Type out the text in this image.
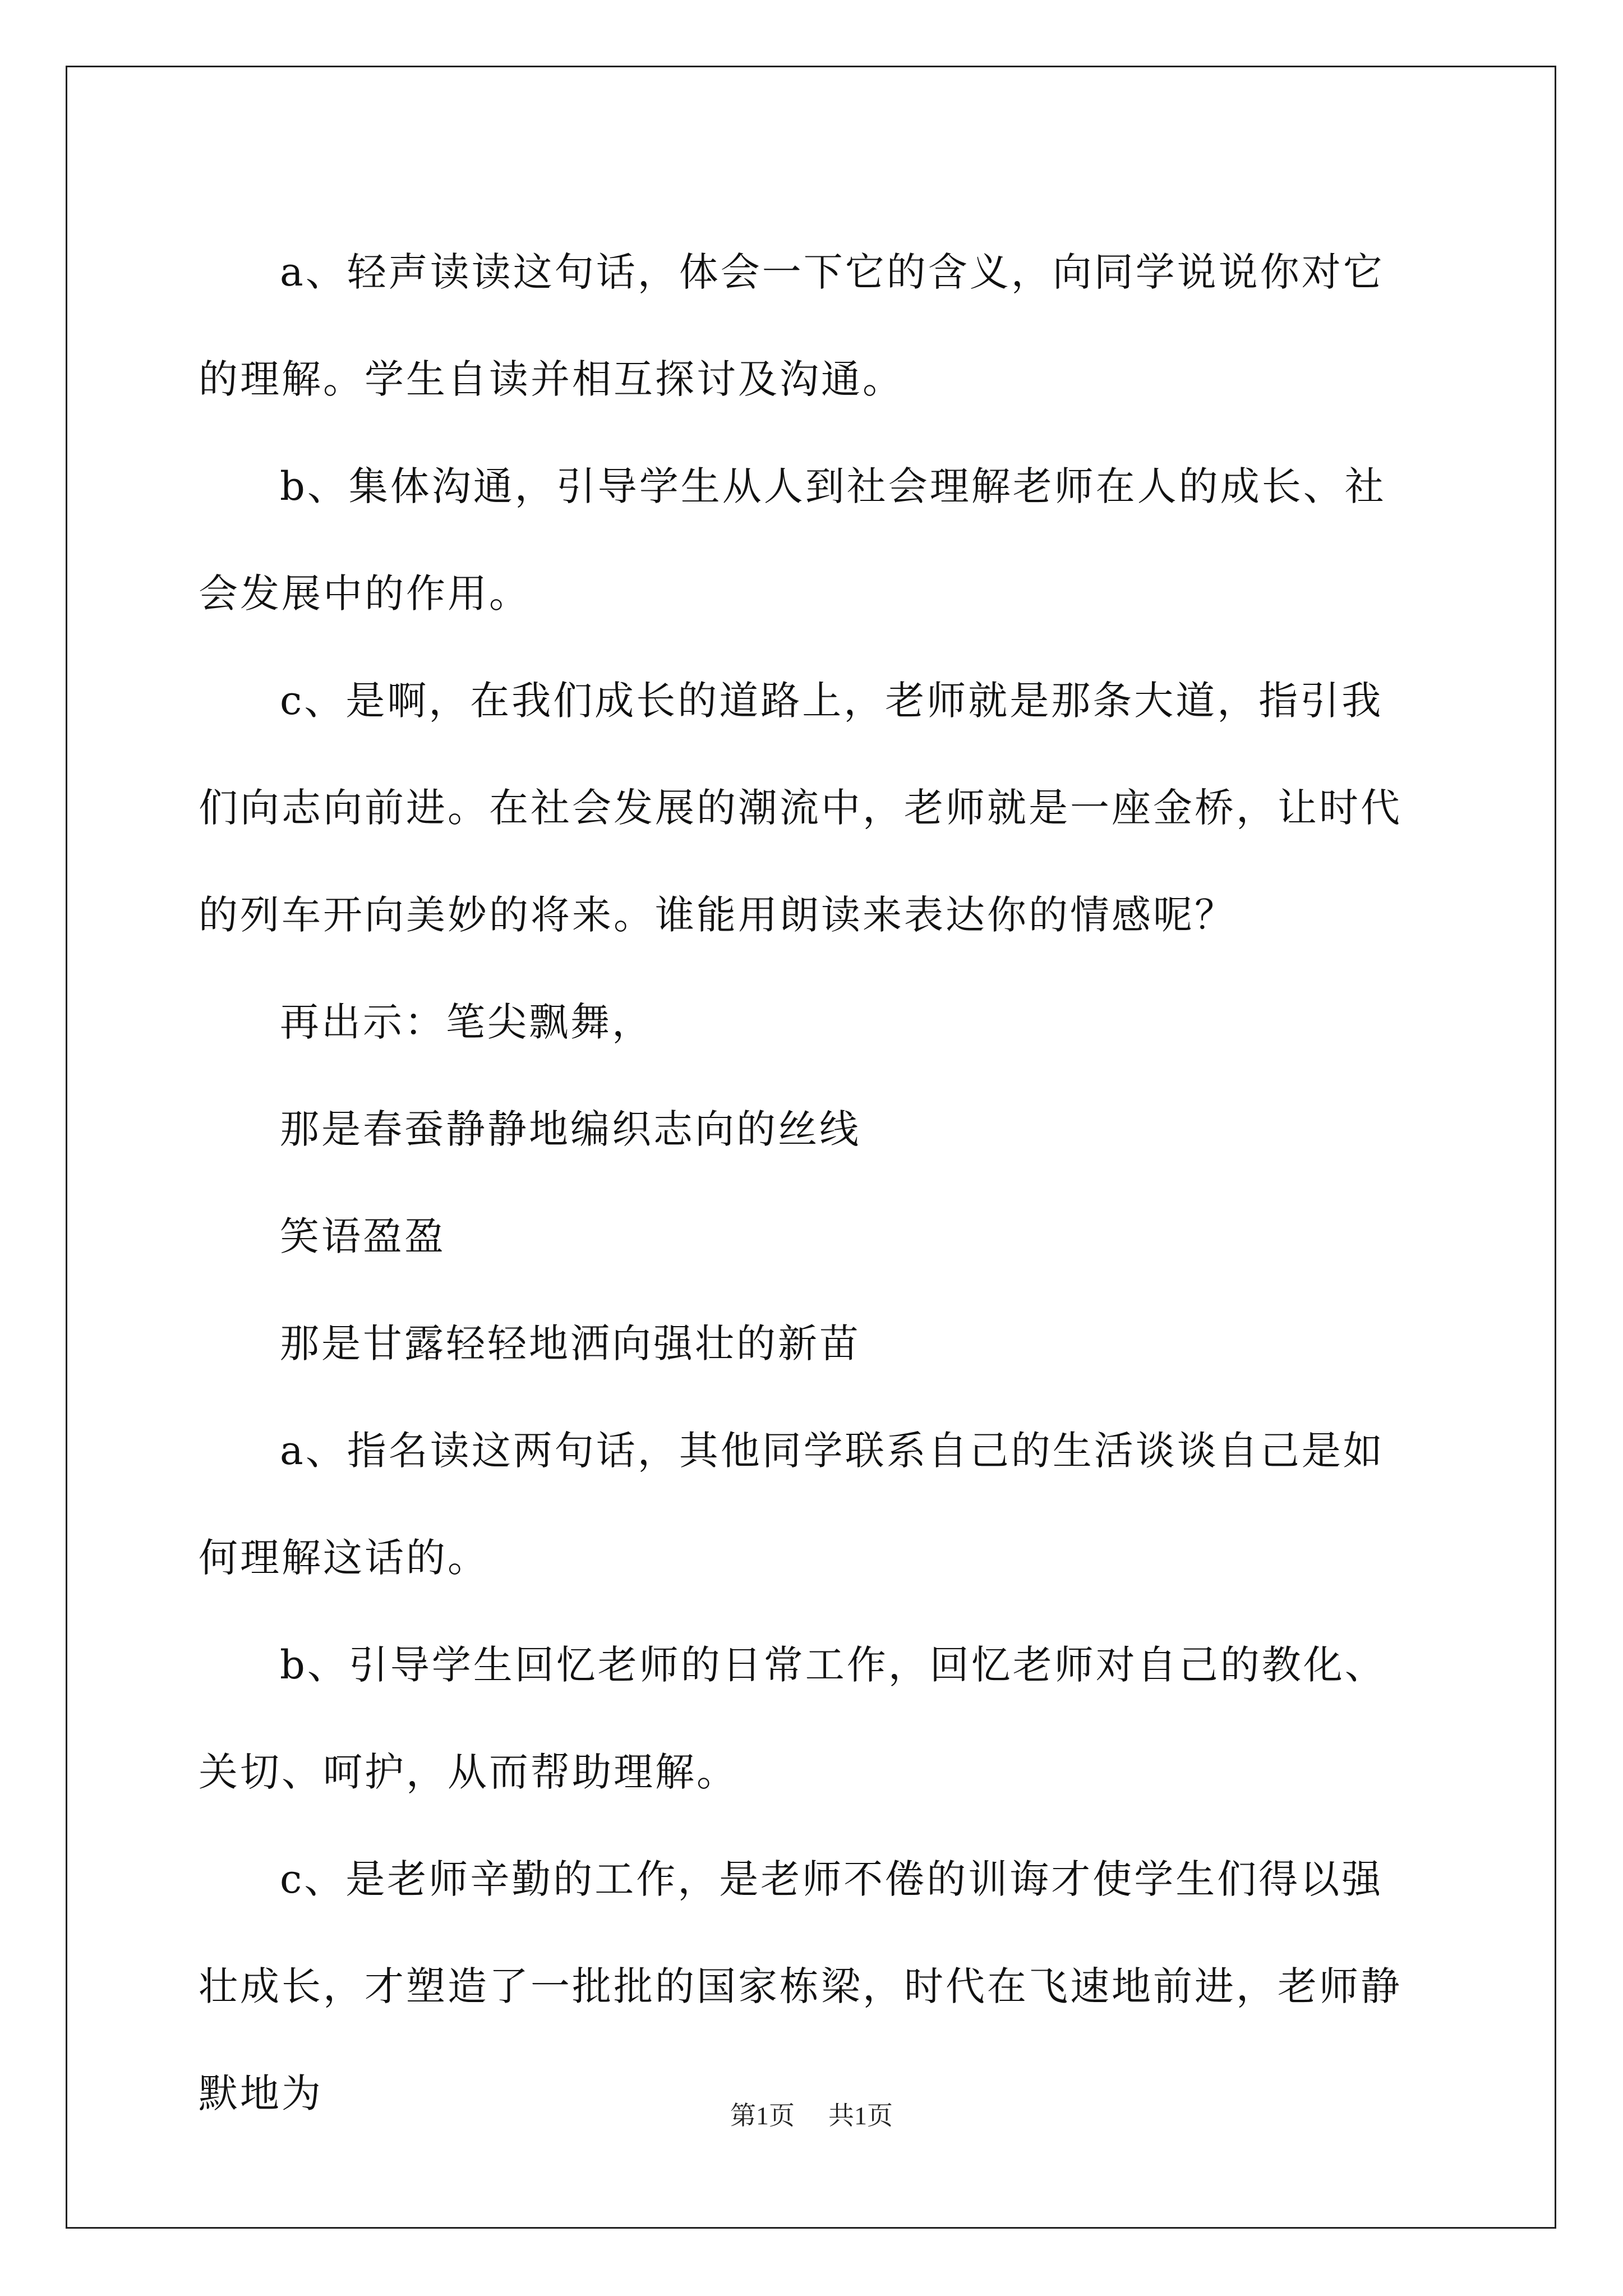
a、轻声读读这句话，体会一下它的含义，向同学说说你对它的理解。学生自读并相互探讨及沟通。

b、集体沟通，引导学生从人到社会理解老师在人的成长、社会发展中的作用。

c、是啊，在我们成长的道路上，老师就是那条大道，指引我们向志向前进。在社会发展的潮流中，老师就是一座金桥，让时代的列车开向美妙的将来。谁能用朗读来表达你的情感呢？

再出示：笔尖飘舞，

那是春蚕静静地编织志向的丝线

笑语盈盈

那是甘露轻轻地洒向强壮的新苗

a、指名读这两句话，其他同学联系自己的生活谈谈自己是如何理解这话的。

b、引导学生回忆老师的日常工作，回忆老师对自己的教化、关切、呵护，从而帮助理解。

c、是老师辛勤的工作，是老师不倦的训诲才使学生们得以强壮成长，才塑造了一批批的国家栋梁，时代在飞速地前进，老师静默地为	第1页 共1页
